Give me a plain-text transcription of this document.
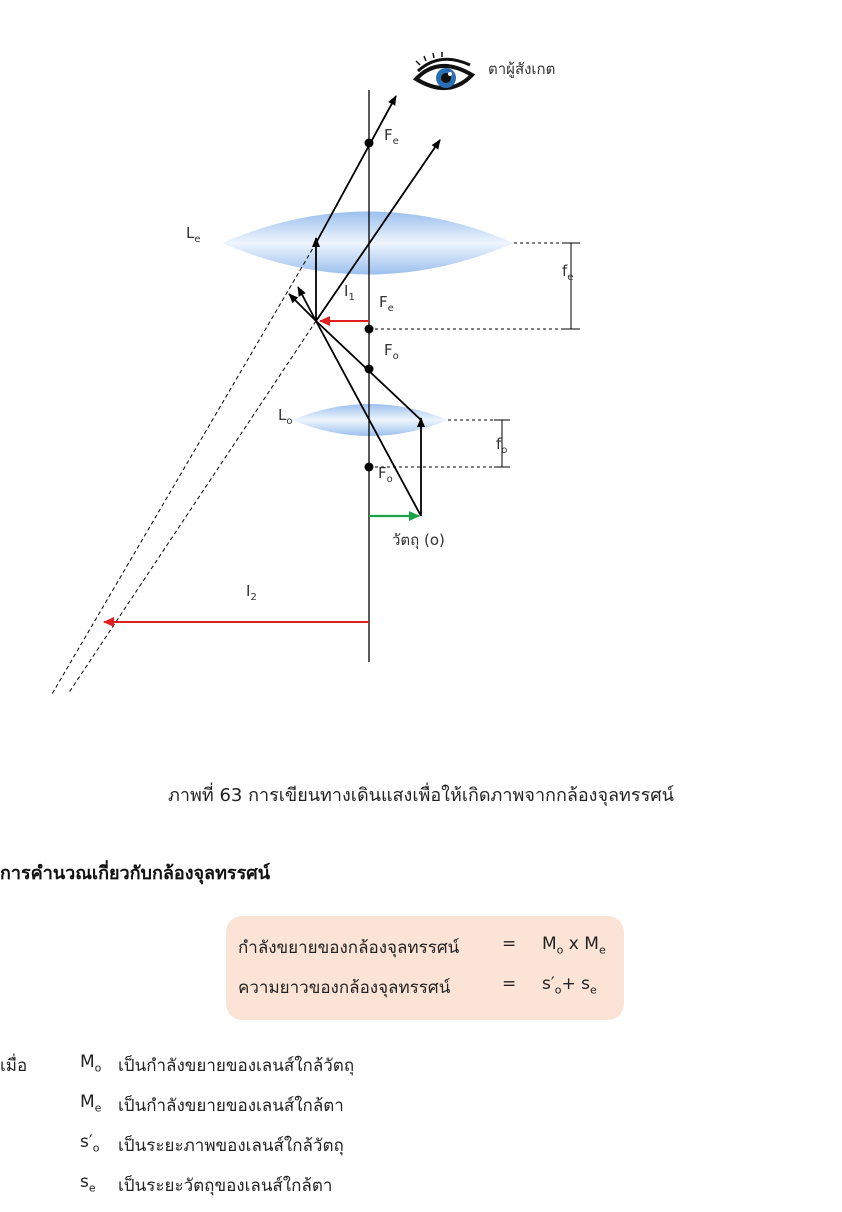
ตาผู้สังเกต
$L_e$
$L_o$
$F_e$
$F_e$
$F_o$
$F_o$
$f_e$
$f_o$
$I_1$
$I_2$
วัตถุ (o)
ภาพที่ 63 การเขียนทางเดินแสงเพื่อให้เกิดภาพจากกล้องจุลทรรศน์
การคำนวณเกี่ยวกับกล้องจุลทรรศน์
กำลังขยายของกล้องจุลทรรศน์	= $M_o$ x $M_e$
ความยาวของกล้องจุลทรรศน์	= $s'_o+ s_e$
เมื่อ	$M_o$ เป็นกำลังขยายของเลนส์ใกล้วัตถุ
$M_e$ เป็นกำลังขยายของเลนส์ใกล้ตา
$s'_o$ เป็นระยะภาพของเลนส์ใกล้วัตถุ
$s_e$ เป็นระยะวัตถุของเลนส์ใกล้ตา
